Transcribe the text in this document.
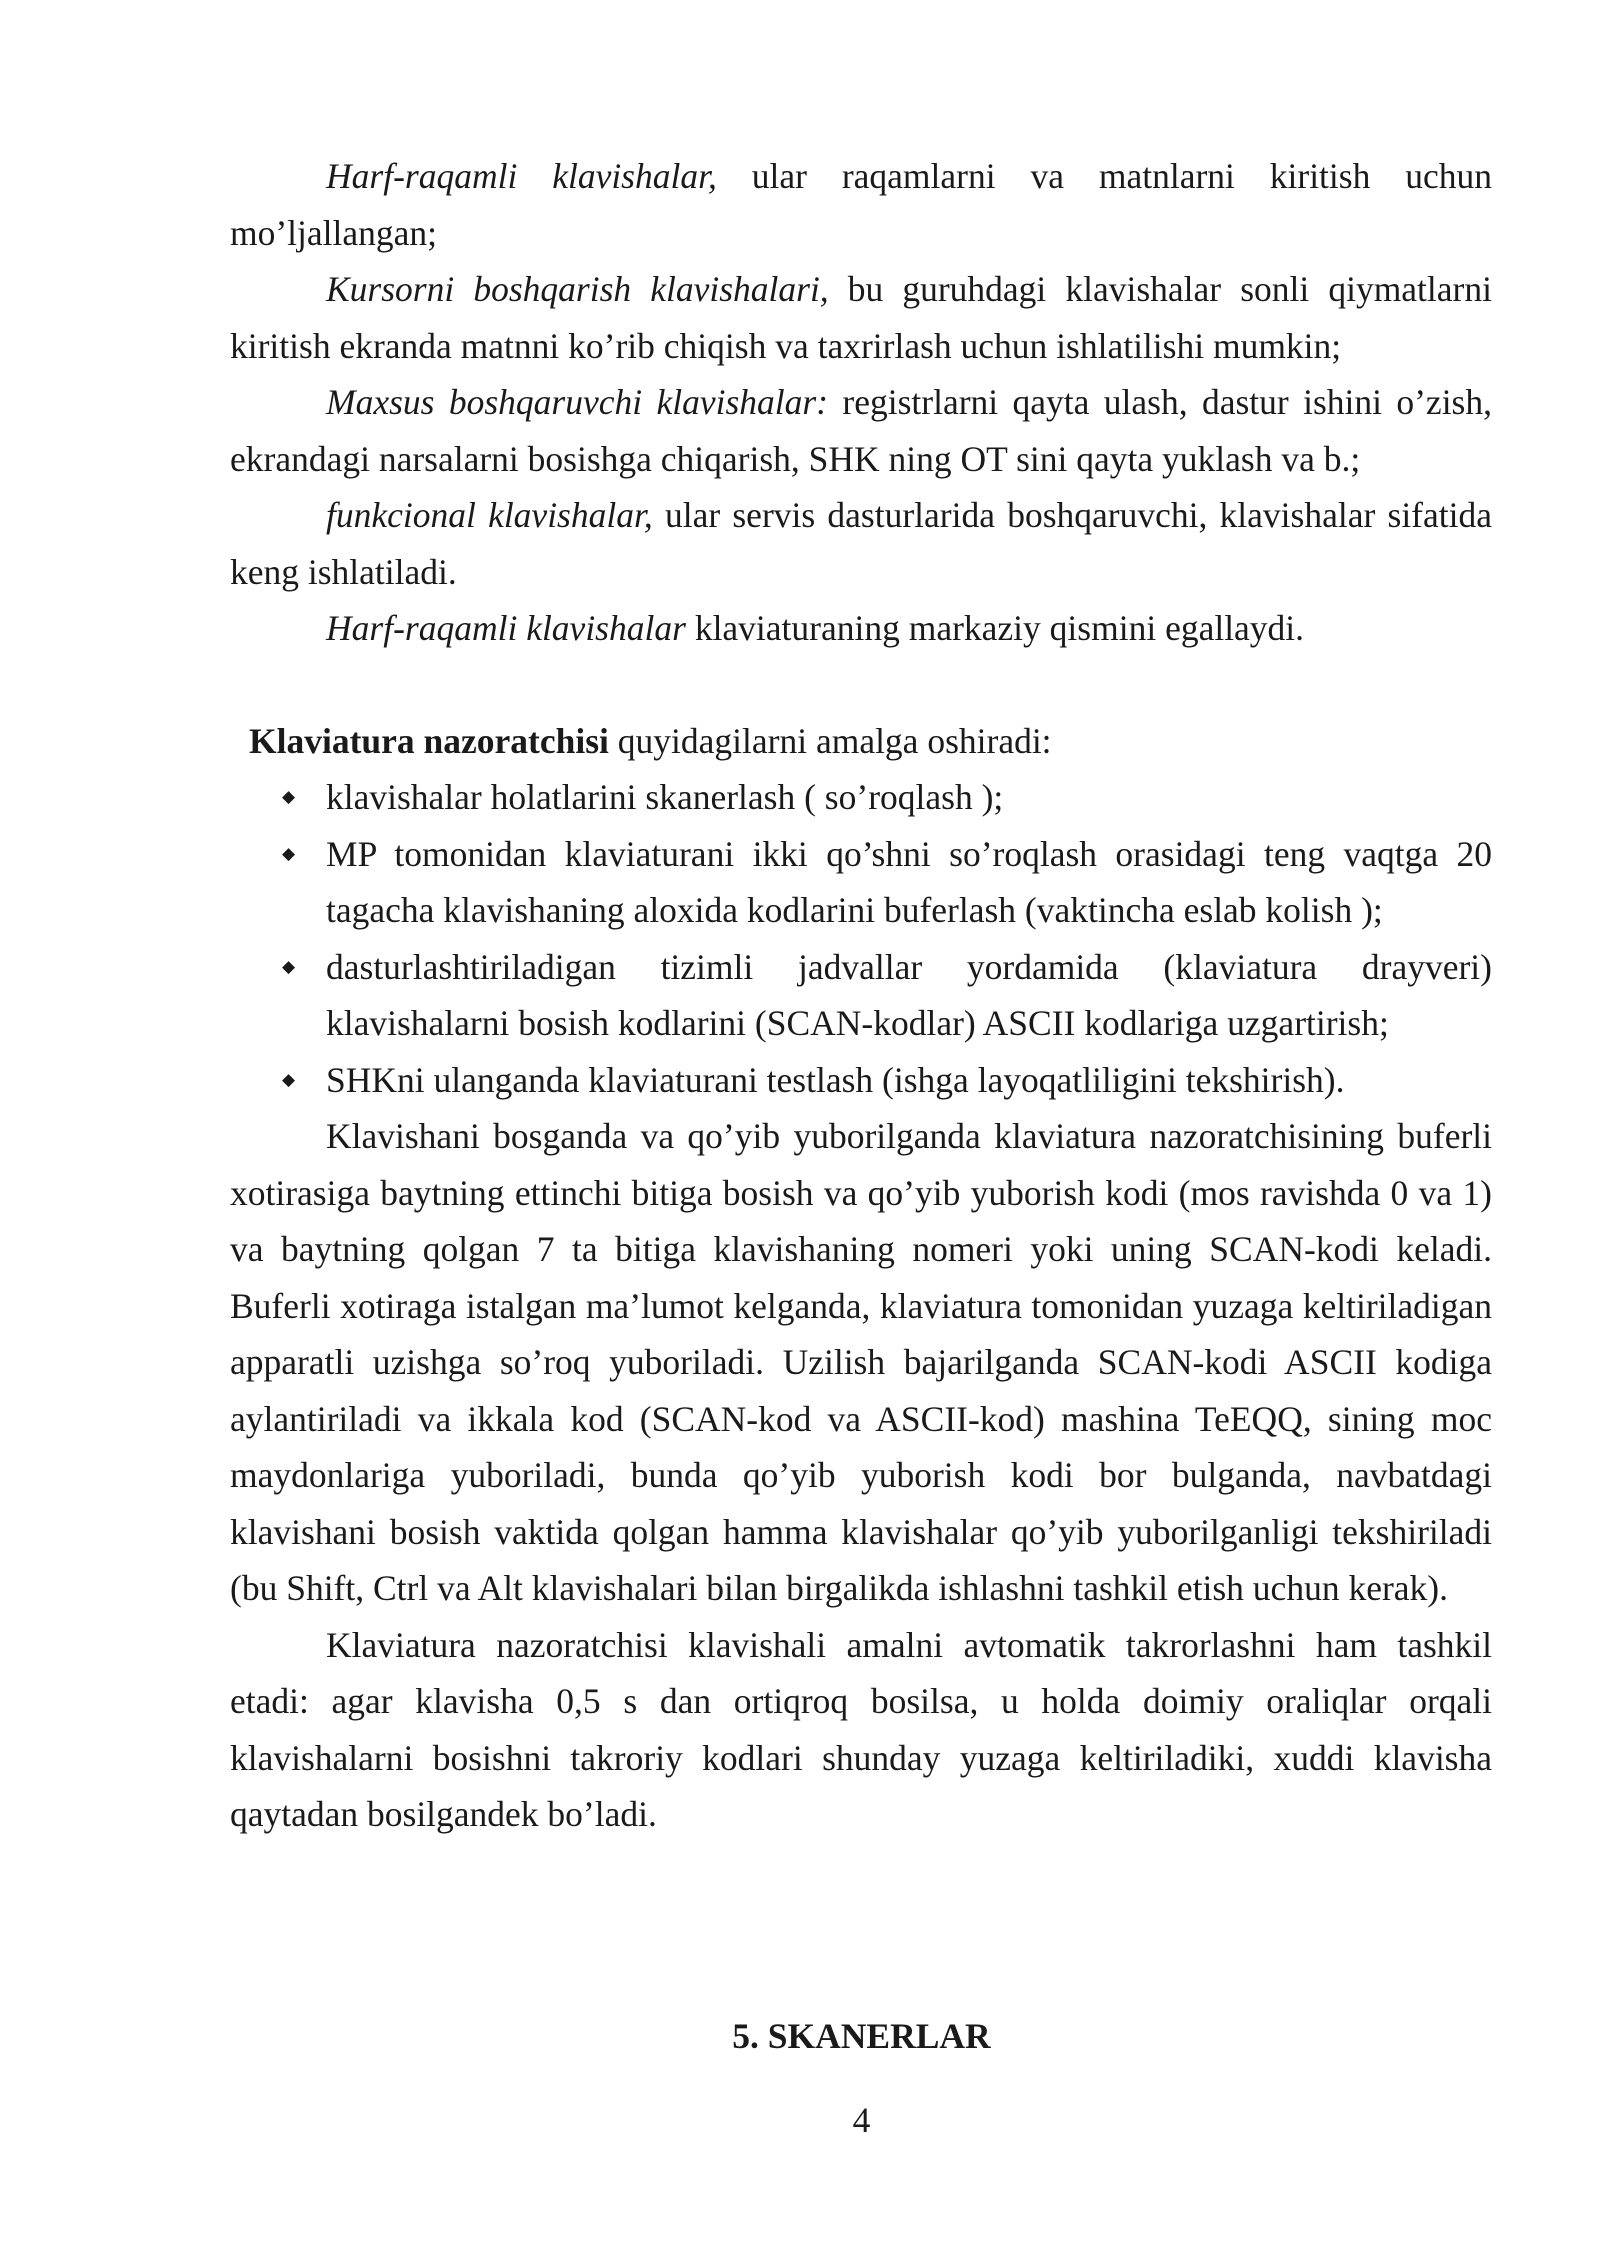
Harf-raqamli klavishalar, ular raqamlarni va matnlarni kiritish uchun mo’ljallangan;

Kursorni boshqarish klavishalari, bu guruhdagi klavishalar sonli qiymatlarni kiritish ekranda matnni ko’rib chiqish va taxrirlash uchun ishlatilishi mumkin;

Maxsus boshqaruvchi klavishalar: registrlarni qayta ulash, dastur ishini o’zish, ekrandagi narsalarni bosishga chiqarish, SHK ning OT sini qayta yuklash va b.;

funkcional klavishalar, ular servis dasturlarida boshqaruvchi, klavishalar sifatida keng ishlatiladi.

Harf-raqamli klavishalar klaviaturaning markaziy qismini egallaydi.

Klaviatura nazoratchisi quyidagilarni amalga oshiradi:

◆ klavishalar holatlarini skanerlash ( so’roqlash );
◆ MP tomonidan klaviaturani ikki qo’shni so’roqlash orasidagi teng vaqtga 20 tagacha klavishaning aloxida kodlarini buferlash (vaktincha eslab kolish );
◆ dasturlashtiriladigan tizimli jadvallar yordamida (klaviatura drayveri) klavishalarni bosish kodlarini (SCAN-kodlar) ASCII kodlariga uzgartirish;
◆ SHKni ulanganda klaviaturani testlash (ishga layoqatliligini tekshirish).

Klavishani bosganda va qo’yib yuborilganda klaviatura nazoratchisining buferli xotirasiga baytning ettinchi bitiga bosish va qo’yib yuborish kodi (mos ravishda 0 va 1) va baytning qolgan 7 ta bitiga klavishaning nomeri yoki uning SCAN-kodi keladi. Buferli xotiraga istalgan ma’lumot kelganda, klaviatura tomonidan yuzaga keltiriladigan apparatli uzishga so’roq yuboriladi. Uzilish bajarilganda SCAN-kodi ASCII kodiga aylantiriladi va ikkala kod (SCAN-kod va ASCII-kod) mashina TeEQQ, sining moc maydonlariga yuboriladi, bunda qo’yib yuborish kodi bor bulganda, navbatdagi klavishani bosish vaktida qolgan hamma klavishalar qo’yib yuborilganligi tekshiriladi (bu Shift, Ctrl va Alt klavishalari bilan birgalikda ishlashni tashkil etish uchun kerak).

Klaviatura nazoratchisi klavishali amalni avtomatik takrorlashni ham tashkil etadi: agar klavisha 0,5 s dan ortiqroq bosilsa, u holda doimiy oraliqlar orqali klavishalarni bosishni takroriy kodlari shunday yuzaga keltiriladiki, xuddi klavisha qaytadan bosilgandek bo’ladi.

5. SKANERLAR
4
